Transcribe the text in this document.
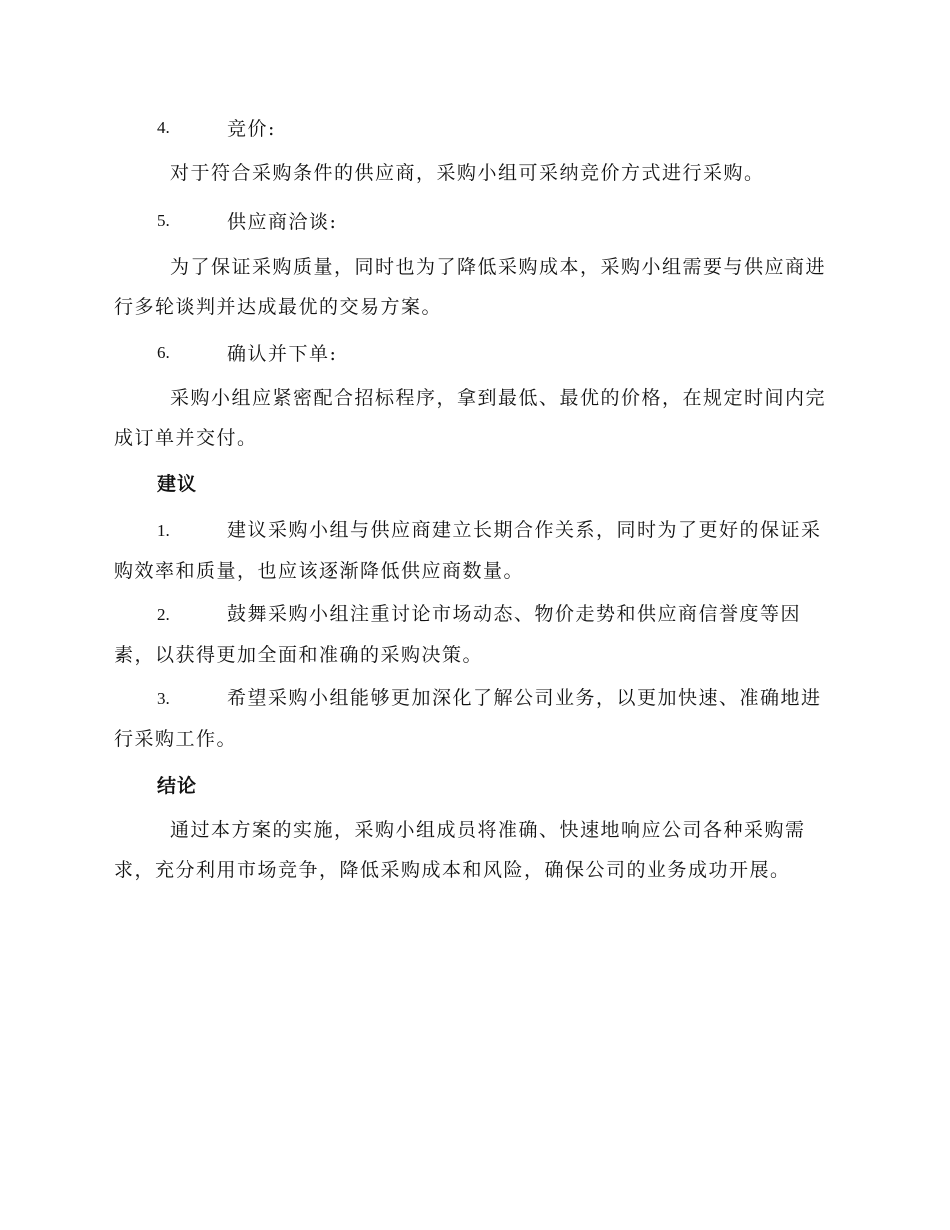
4.	竞价:

对于符合采购条件的供应商，采购小组可采纳竞价方式进行采购。

5.	供应商洽谈:

为了保证采购质量，同时也为了降低采购成本，采购小组需要与供应商进行多轮谈判并达成最优的交易方案。

6.	确认并下单:

采购小组应紧密配合招标程序，拿到最低、最优的价格，在规定时间内完成订单并交付。

建议

1.	建议采购小组与供应商建立长期合作关系，同时为了更好的保证采购效率和质量，也应该逐渐降低供应商数量。

2.	鼓舞采购小组注重讨论市场动态、物价走势和供应商信誉度等因素，以获得更加全面和准确的采购决策。

3.	希望采购小组能够更加深化了解公司业务，以更加快速、准确地进行采购工作。

结论

通过本方案的实施，采购小组成员将准确、快速地响应公司各种采购需求，充分利用市场竞争，降低采购成本和风险，确保公司的业务成功开展。
